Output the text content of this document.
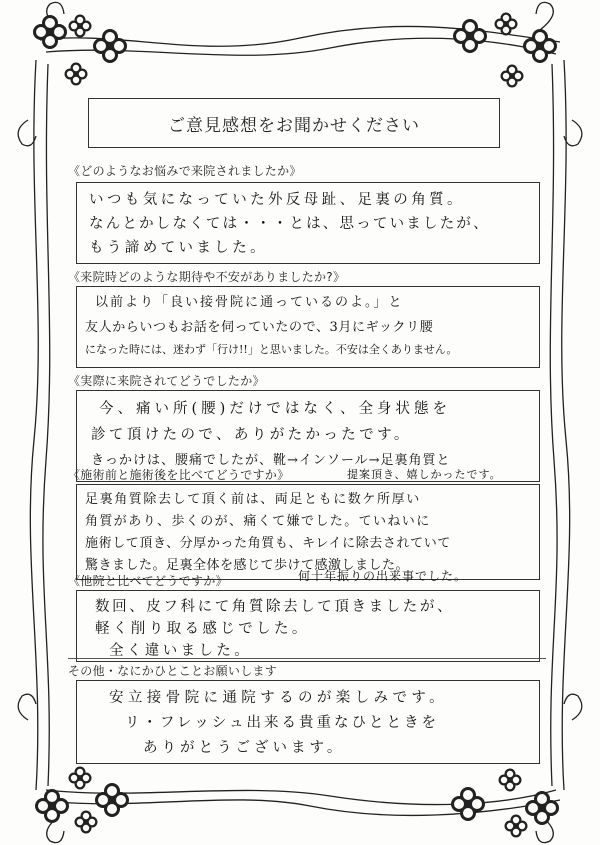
ご意見感想をお聞かせください
《どのようなお悩みで来院されましたか》
いつも気になっていた外反母趾、足裏の角質。
なんとかしなくては・・・とは、思っていましたが、
もう諦めていました。
《来院時どのような期待や不安がありましたか?》
以前より「良い接骨院に通っているのよ。」と
友人からいつもお話を伺っていたので、3月にギックリ腰
になった時には、迷わず「行け!!」と思いました。不安は全くありません。
《実際に来院されてどうでしたか》
今、痛い所(腰)だけではなく、全身状態を
診て頂けたので、ありがたかったです。
きっかけは、腰痛でしたが、靴→インソール→足裏角質と
提案頂き、嬉しかったです。
《施術前と施術後を比べてどうですか》
足裏角質除去して頂く前は、両足ともに数ケ所厚い
角質があり、歩くのが、痛くて嫌でした。ていねいに
施術して頂き、分厚かった角質も、キレイに除去されていて
驚きました。足裏全体を感じて歩けて感激しました。
《他院と比べてどうですか》	何十年振りの出来事でした。
数回、皮フ科にて角質除去して頂きましたが、
軽く削り取る感じでした。
全く違いました。
その他・なにかひとことお願いします
安立接骨院に通院するのが楽しみです。
リ・フレッシュ出来る貴重なひとときを
ありがとうございます。
